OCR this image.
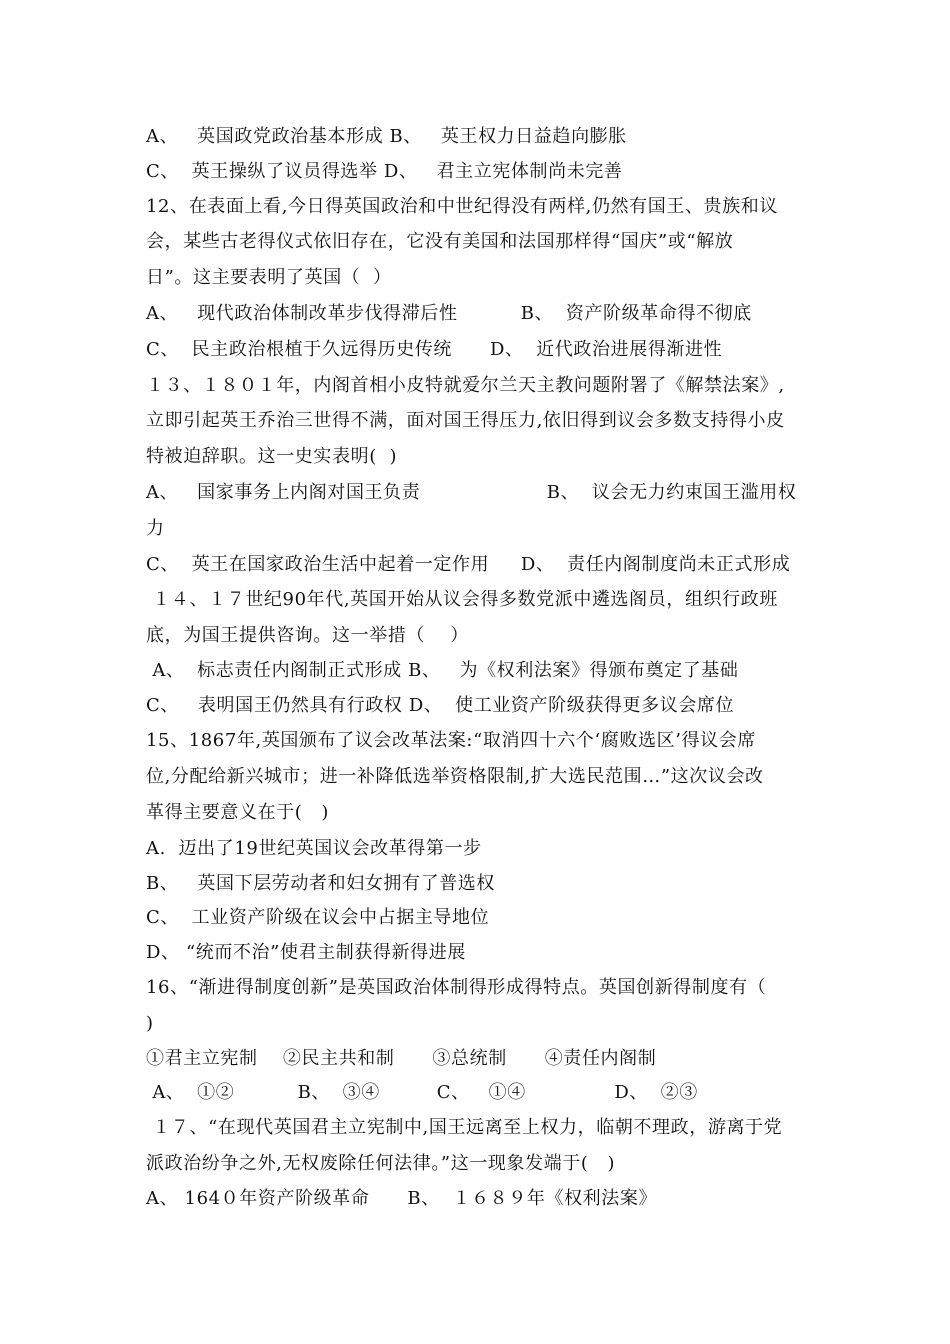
A、   英国政党政治基本形成 B、   英王权力日益趋向膨胀
C、  英王操纵了议员得选举 D、   君主立宪体制尚未完善
12、在表面上看,今日得英国政治和中世纪得没有两样,仍然有国王、贵族和议
会，某些古老得仪式依旧存在，它没有美国和法国那样得“国庆”或“解放
日”。这主要表明了英国（  ）
A、   现代政治体制改革步伐得滞后性          B、  资产阶级革命得不彻底
C、  民主政治根植于久远得历史传统      D、  近代政治进展得渐进性
１３、１８０１年，内阁首相小皮特就爱尔兰天主教问题附署了《解禁法案》,
立即引起英王乔治三世得不满，面对国王得压力,依旧得到议会多数支持得小皮
特被迫辞职。这一史实表明(  )
A、   国家事务上内阁对国王负责                    B、  议会无力约束国王滥用权
力
C、  英王在国家政治生活中起着一定作用     D、  责任内阁制度尚未正式形成
１４、１７世纪90年代,英国开始从议会得多数党派中遴选阁员，组织行政班
底，为国王提供咨询。这一举措（    ）
A、  标志责任内阁制正式形成 B、   为《权利法案》得颁布奠定了基础
C、   表明国王仍然具有行政权 D、  使工业资产阶级获得更多议会席位
15、1867年,英国颁布了议会改革法案:“取消四十六个‘腐败选区’得议会席
位,分配给新兴城市；进一补降低选举资格限制,扩大选民范围…”这次议会改
革得主要意义在于(   )
A.  迈出了19世纪英国议会改革得第一步
B、   英国下层劳动者和妇女拥有了普选权
C、  工业资产阶级在议会中占据主导地位
D、 “统而不治”使君主制获得新得进展
16、“渐进得制度创新”是英国政治体制得形成得特点。英国创新得制度有（
)
①君主立宪制    ②民主共和制      ③总统制      ④责任内阁制
A、  ①②          B、  ③④         C、   ①④              D、  ②③
１７、“在现代英国君主立宪制中,国王远离至上权力，临朝不理政，游离于党
派政治纷争之外,无权废除任何法律。”这一现象发端于(   )
A、 164０年资产阶级革命      B、  １６８９年《权利法案》
